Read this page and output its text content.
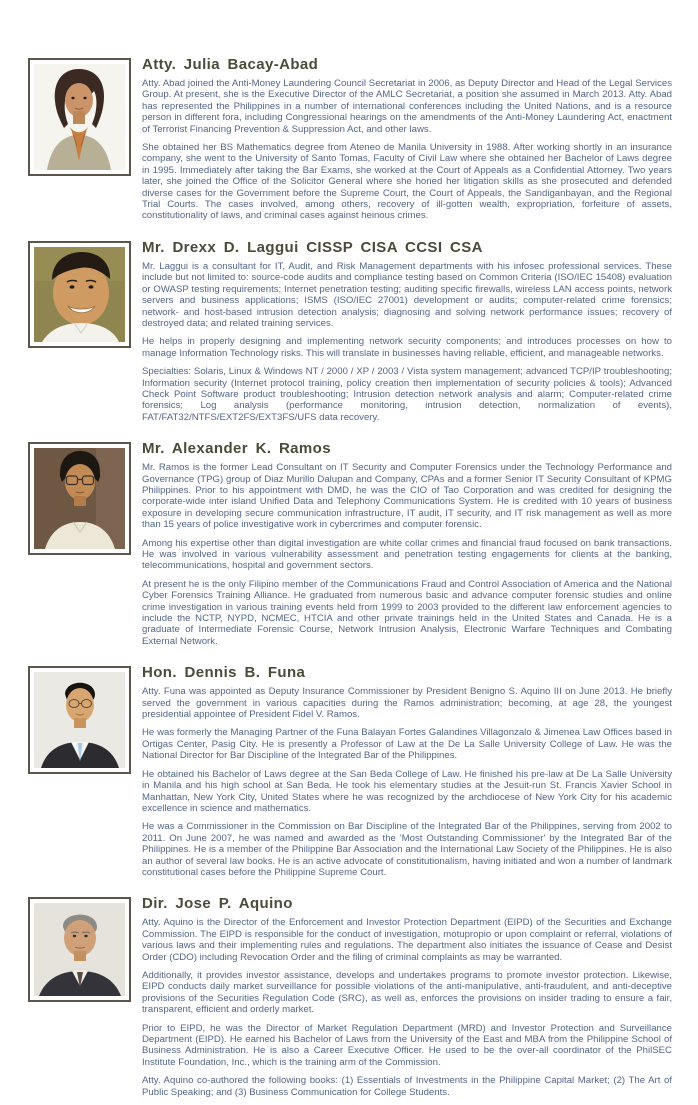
Atty. Julia Bacay-Abad

Atty. Abad joined the Anti-Money Laundering Council Secretariat in 2006, as Deputy Director and Head of the Legal Services Group. At present, she is the Executive Director of the AMLC Secretariat, a position she assumed in March 2013. Atty. Abad has represented the Philippines in a number of international conferences including the United Nations, and is a resource person in different fora, including Congressional hearings on the amendments of the Anti-Money Laundering Act, enactment of Terrorist Financing Prevention & Suppression Act, and other laws.

She obtained her BS Mathematics degree from Ateneo de Manila University in 1988. After working shortly in an insurance company, she went to the University of Santo Tomas, Faculty of Civil Law where she obtained her Bachelor of Laws degree in 1995. Immediately after taking the Bar Exams, she worked at the Court of Appeals as a Confidential Attorney. Two years later, she joined the Office of the Solicitor General where she honed her litigation skills as she prosecuted and defended diverse cases for the Government before the Supreme Court, the Court of Appeals, the Sandiganbayan, and the Regional Trial Courts. The cases involved, among others, recovery of ill-gotten wealth, expropriation, forfeiture of assets, constitutionality of laws, and criminal cases against heinous crimes.

Mr. Drexx D. Laggui CISSP CISA CCSI CSA

Mr. Laggui is a consultant for IT, Audit, and Risk Management departments with his infosec professional services. These include but not limited to: source-code audits and compliance testing based on Common Criteria (ISO/IEC 15408) evaluation or OWASP testing requirements; Internet penetration testing; auditing specific firewalls, wireless LAN access points, network servers and business applications; ISMS (ISO/IEC 27001) development or audits; computer-related crime forensics; network- and host-based intrusion detection analysis; diagnosing and solving network performance issues; recovery of destroyed data; and related training services.

He helps in properly designing and implementing network security components; and introduces processes on how to manage Information Technology risks. This will translate in businesses having reliable, efficient, and manageable networks.

Specialties: Solaris, Linux & Windows NT / 2000 / XP / 2003 / Vista system management; advanced TCP/IP troubleshooting; Information security (Internet protocol training, policy creation then implementation of security policies & tools); Advanced Check Point Software product troubleshooting; Intrusion detection network analysis and alarm; Computer-related crime forensics; Log analysis (performance monitoring, intrusion detection, normalization of events), FAT/FAT32/NTFS/EXT2FS/EXT3FS/UFS data recovery.

Mr. Alexander K. Ramos

Mr. Ramos is the former Lead Consultant on IT Security and Computer Forensics under the Technology Performance and Governance (TPG) group of Diaz Murillo Dalupan and Company, CPAs and a former Senior IT Security Consultant of KPMG Philippines. Prior to his appointment with DMD, he was the CIO of Tao Corporation and was credited for designing the corporate-wide inter island Unified Data and Telephony Communications System. He is credited with 10 years of business exposure in developing secure communication infrastructure, IT audit, IT security, and IT risk management as well as more than 15 years of police investigative work in cybercrimes and computer forensic.

Among his expertise other than digital investigation are white collar crimes and financial fraud focused on bank transactions. He was involved in various vulnerability assessment and penetration testing engagements for clients at the banking, telecommunications, hospital and government sectors.

At present he is the only Filipino member of the Communications Fraud and Control Association of America and the National Cyber Forensics Training Alliance. He graduated from numerous basic and advance computer forensic studies and online crime investigation in various training events held from 1999 to 2003 provided to the different law enforcement agencies to include the NCTP, NYPD, NCMEC, HTCIA and other private trainings held in the United States and Canada. He is a graduate of Intermediate Forensic Course, Network Intrusion Analysis, Electronic Warfare Techniques and Combating External Network.

Hon. Dennis B. Funa

Atty. Funa was appointed as Deputy Insurance Commissioner by President Benigno S. Aquino III on June 2013. He briefly served the government in various capacities during the Ramos administration; becoming, at age 28, the youngest presidential appointee of President Fidel V. Ramos.

He was formerly the Managing Partner of the Funa Balayan Fortes Galandines Villagonzalo & Jimenea Law Offices based in Ortigas Center, Pasig City. He is presently a Professor of Law at the De La Salle University College of Law. He was the National Director for Bar Discipline of the Integrated Bar of the Philippines.

He obtained his Bachelor of Laws degree at the San Beda College of Law. He finished his pre-law at De La Salle University in Manila and his high school at San Beda. He took his elementary studies at the Jesuit-run St. Francis Xavier School in Manhattan, New York City, United States where he was recognized by the archdiocese of New York City for his academic excellence in science and mathematics.

He was a Commissioner in the Commission on Bar Discipline of the Integrated Bar of the Philippines, serving from 2002 to 2011. On June 2007, he was named and awarded as the 'Most Outstanding Commissioner' by the Integrated Bar of the Philippines. He is a member of the Philippine Bar Association and the International Law Society of the Philippines. He is also an author of several law books. He is an active advocate of constitutionalism, having initiated and won a number of landmark constitutional cases before the Philippine Supreme Court.

Dir. Jose P. Aquino

Atty. Aquino is the Director of the Enforcement and Investor Protection Department (EIPD) of the Securities and Exchange Commission. The EIPD is responsible for the conduct of investigation, motupropio or upon complaint or referral, violations of various laws and their implementing rules and regulations. The department also initiates the issuance of Cease and Desist Order (CDO) including Revocation Order and the filing of criminal complaints as may be warranted.

Additionally, it provides investor assistance, develops and undertakes programs to promote investor protection. Likewise, EIPD conducts daily market surveillance for possible violations of the anti-manipulative, anti-fraudulent, and anti-deceptive provisions of the Securities Regulation Code (SRC), as well as, enforces the provisions on insider trading to ensure a fair, transparent, efficient and orderly market.

Prior to EIPD, he was the Director of Market Regulation Department (MRD) and Investor Protection and Surveillance Department (EIPD). He earned his Bachelor of Laws from the University of the East and MBA from the Philippine School of Business Administration. He is also a Career Executive Officer. He used to be the over-all coordinator of the PhilSEC Institute Foundation, Inc., which is the training arm of the Commission.

Atty. Aquino co-authored the following books: (1) Essentials of Investments in the Philippine Capital Market; (2) The Art of Public Speaking; and (3) Business Communication for College Students.
